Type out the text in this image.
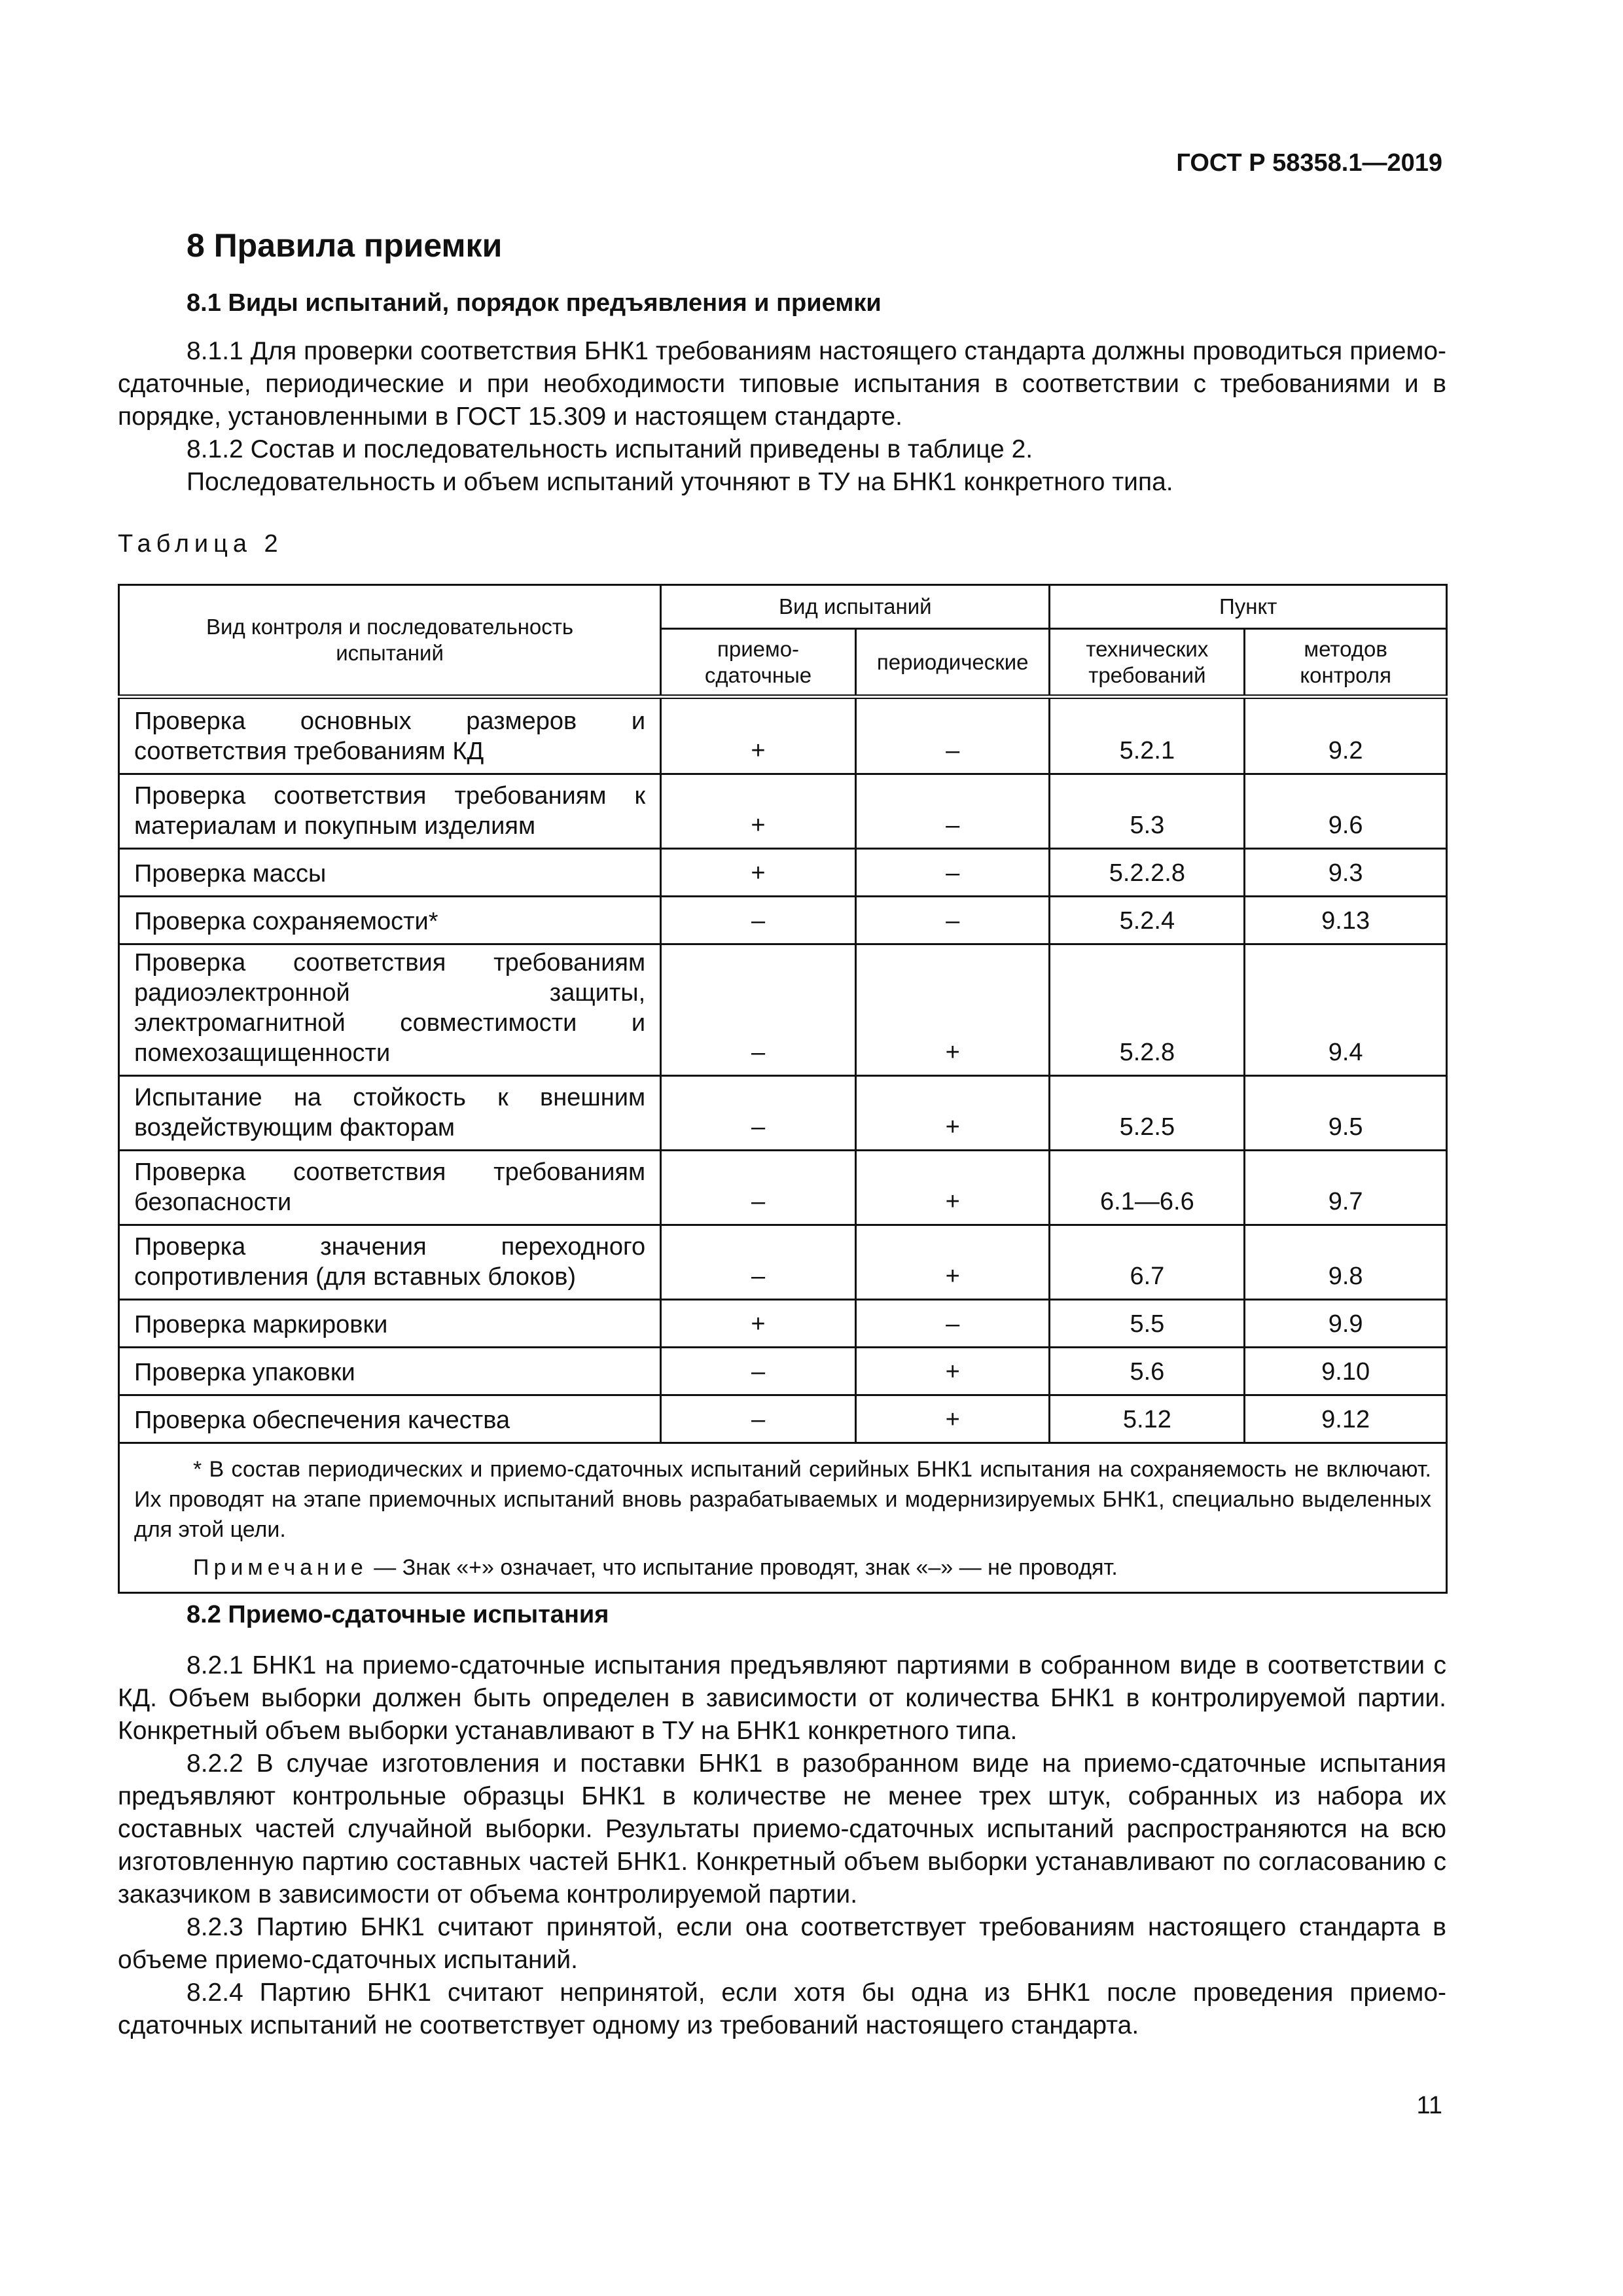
ГОСТ Р 58358.1—2019
8 Правила приемки
8.1 Виды испытаний, порядок предъявления и приемки

8.1.1 Для проверки соответствия БНК1 требованиям настоящего стандарта должны проводиться приемо-сдаточные, периодические и при необходимости типовые испытания в соответствии с требованиями и в порядке, установленными в ГОСТ 15.309 и настоящем стандарте.

8.1.2 Состав и последовательность испытаний приведены в таблице 2.

Последовательность и объем испытаний уточняют в ТУ на БНК1 конкретного типа.

Таблица 2
Вид контроля и последовательность испытаний	Вид испытаний		Пункт	
	приемо-сдаточные	периодические	технических требований	методов контроля
Проверка основных размеров и соответствия требованиям КД	+	–	5.2.1	9.2
Проверка соответствия требованиям к материалам и покупным изделиям	+	–	5.3	9.6
Проверка массы	+	–	5.2.2.8	9.3
Проверка сохраняемости*	–	–	5.2.4	9.13
Проверка соответствия требованиям радиоэлектронной защиты, электромагнитной совместимости и помехозащищенности	–	+	5.2.8	9.4
Испытание на стойкость к внешним воздействующим факторам	–	+	5.2.5	9.5
Проверка соответствия требованиям безопасности	–	+	6.1—6.6	9.7
Проверка значения переходного сопротивления (для вставных блоков)	–	+	6.7	9.8
Проверка маркировки	+	–	5.5	9.9
Проверка упаковки	–	+	5.6	9.10
Проверка обеспечения качества	–	+	5.12	9.12

* В состав периодических и приемо-сдаточных испытаний серийных БНК1 испытания на сохраняемость не включают. Их проводят на этапе приемочных испытаний вновь разрабатываемых и модернизируемых БНК1, специально выделенных для этой цели.

Примечание — Знак «+» означает, что испытание проводят, знак «–» — не проводят.				

8.2 Приемо-сдаточные испытания

8.2.1 БНК1 на приемо-сдаточные испытания предъявляют партиями в собранном виде в соответствии с КД. Объем выборки должен быть определен в зависимости от количества БНК1 в контролируемой партии. Конкретный объем выборки устанавливают в ТУ на БНК1 конкретного типа.

8.2.2 В случае изготовления и поставки БНК1 в разобранном виде на приемо-сдаточные испытания предъявляют контрольные образцы БНК1 в количестве не менее трех штук, собранных из набора их составных частей случайной выборки. Результаты приемо-сдаточных испытаний распространяются на всю изготовленную партию составных частей БНК1. Конкретный объем выборки устанавливают по согласованию с заказчиком в зависимости от объема контролируемой партии.

8.2.3 Партию БНК1 считают принятой, если она соответствует требованиям настоящего стандарта в объеме приемо-сдаточных испытаний.

8.2.4 Партию БНК1 считают непринятой, если хотя бы одна из БНК1 после проведения приемо-сдаточных испытаний не соответствует одному из требований настоящего стандарта.

11
